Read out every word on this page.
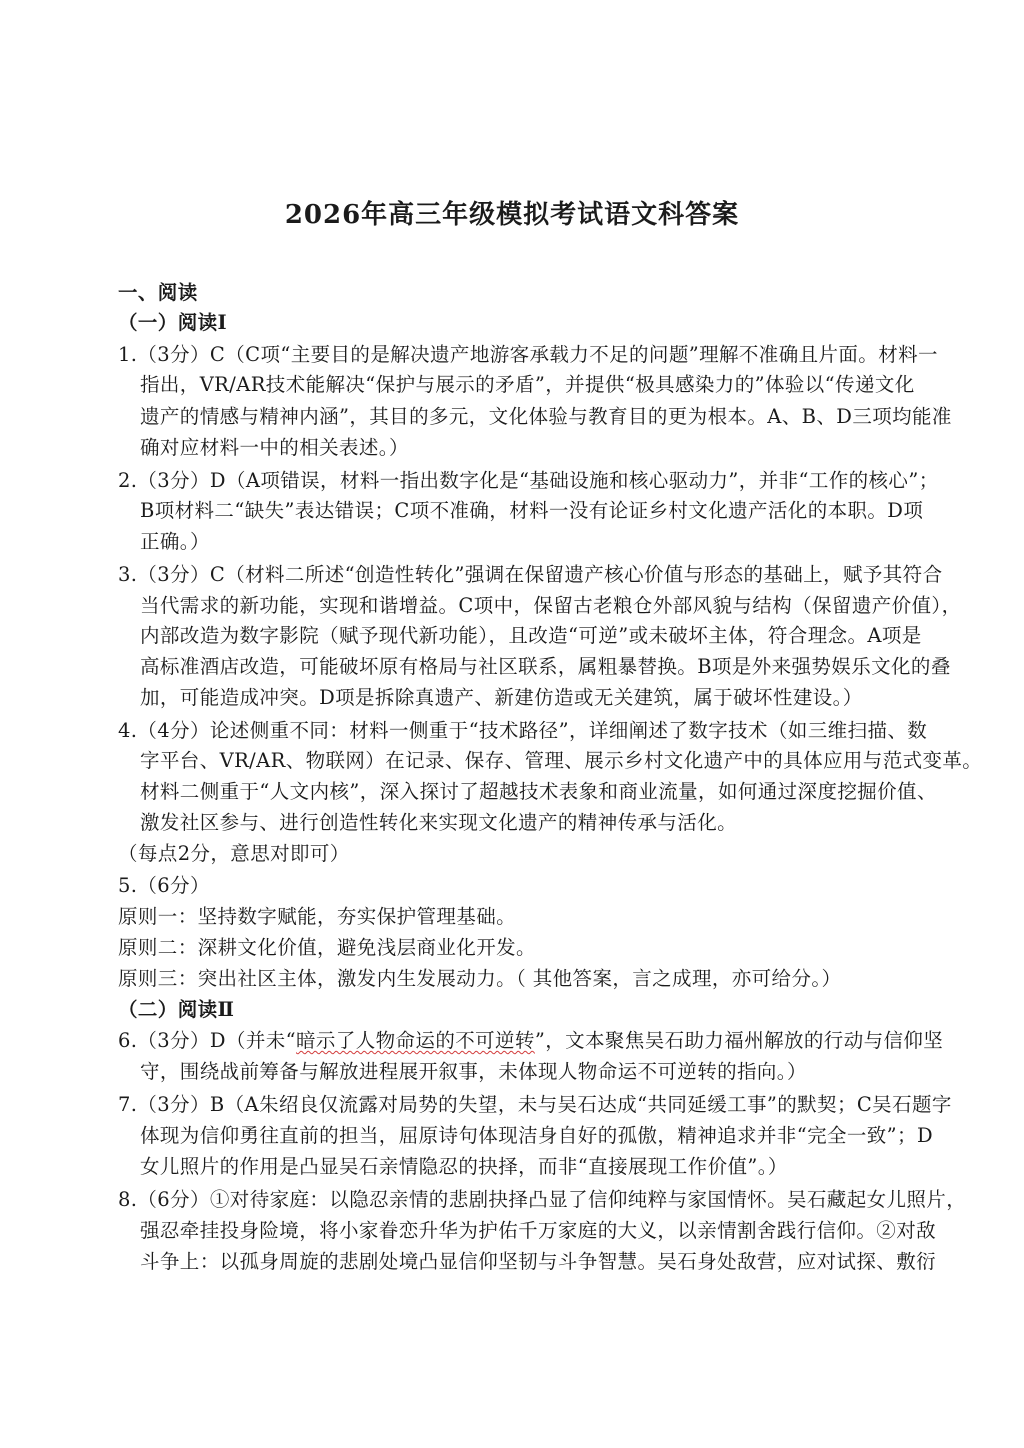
2026年高三年级模拟考试语文科答案
一、阅读
（一）阅读Ⅰ
1.（3分）C（C项“主要目的是解决遗产地游客承载力不足的问题”理解不准确且片面。材料一
指出，VR/AR技术能解决“保护与展示的矛盾”，并提供“极具感染力的”体验以“传递文化
遗产的情感与精神内涵”，其目的多元，文化体验与教育目的更为根本。A、B、D三项均能准
确对应材料一中的相关表述。）
2.（3分）D（A项错误，材料一指出数字化是“基础设施和核心驱动力”，并非“工作的核心”；
B项材料二“缺失”表达错误；C项不准确，材料一没有论证乡村文化遗产活化的本职。D项
正确。）
3.（3分）C（材料二所述“创造性转化”强调在保留遗产核心价值与形态的基础上，赋予其符合
当代需求的新功能，实现和谐增益。C项中，保留古老粮仓外部风貌与结构（保留遗产价值），
内部改造为数字影院（赋予现代新功能），且改造“可逆”或未破坏主体，符合理念。A项是
高标准酒店改造，可能破坏原有格局与社区联系，属粗暴替换。B项是外来强势娱乐文化的叠
加，可能造成冲突。D项是拆除真遗产、新建仿造或无关建筑，属于破坏性建设。）
4.（4分）论述侧重不同：材料一侧重于“技术路径”，详细阐述了数字技术（如三维扫描、数
字平台、VR/AR、物联网）在记录、保存、管理、展示乡村文化遗产中的具体应用与范式变革。
材料二侧重于“人文内核”，深入探讨了超越技术表象和商业流量，如何通过深度挖掘价值、
激发社区参与、进行创造性转化来实现文化遗产的精神传承与活化。
（每点2分，意思对即可）
5.（6分）
原则一：坚持数字赋能，夯实保护管理基础。
原则二：深耕文化价值，避免浅层商业化开发。
原则三：突出社区主体，激发内生发展动力。（ 其他答案，言之成理，亦可给分。）
（二）阅读Ⅱ
6.（3分）D（并未“暗示了人物命运的不可逆转”，文本聚焦吴石助力福州解放的行动与信仰坚
守，围绕战前筹备与解放进程展开叙事，未体现人物命运不可逆转的指向。）
7.（3分）B（A朱绍良仅流露对局势的失望，未与吴石达成“共同延缓工事”的默契；C吴石题字
体现为信仰勇往直前的担当，屈原诗句体现洁身自好的孤傲，精神追求并非“完全一致”；D
女儿照片的作用是凸显吴石亲情隐忍的抉择，而非“直接展现工作价值”。）
8.（6分）①对待家庭：以隐忍亲情的悲剧抉择凸显了信仰纯粹与家国情怀。吴石藏起女儿照片，
强忍牵挂投身险境，将小家眷恋升华为护佑千万家庭的大义，以亲情割舍践行信仰。②对敌
斗争上：以孤身周旋的悲剧处境凸显信仰坚韧与斗争智慧。吴石身处敌营，应对试探、敷衍
